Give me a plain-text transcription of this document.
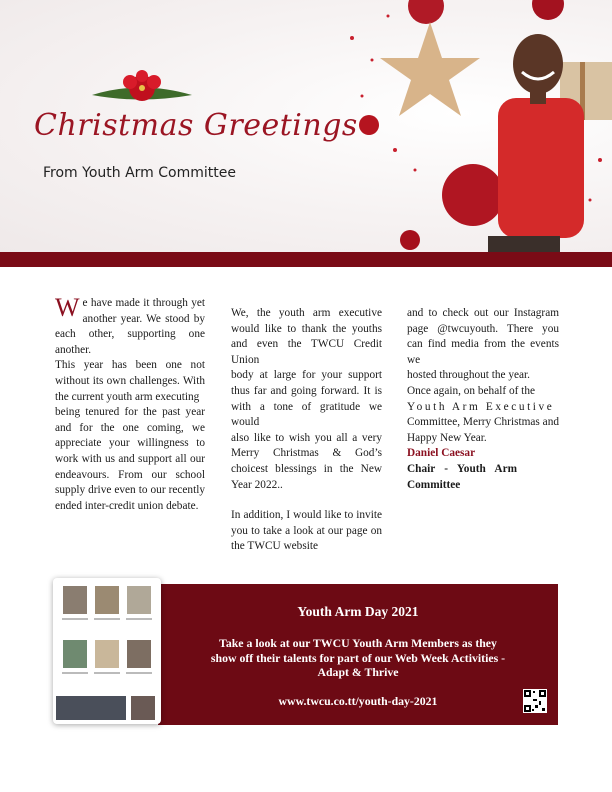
Christmas Greetings
From Youth Arm Committee

We have made it through yet another year. We stood by each other, supporting one another.

This year has been one not without its own challenges. With the current youth arm executing

being tenured for the past year and for the one coming, we appreciate your willingness to work with us and support all our endeavours. From our school supply drive even to our recently ended inter-credit union debate.

We, the youth arm executive would like to thank the youths and even the TWCU Credit Union

body at large for your support thus far and going forward. It is with a tone of gratitude we would

also like to wish you all a very Merry Christmas & God’s choicest blessings in the New Year 2022..

In addition, I would like to invite you to take a look at our page on the TWCU website

and to check out our Instagram page @twcuyouth. There you can find media from the events we

hosted throughout the year.

Once again, on behalf of the

Youth Arm Executive

Committee, Merry Christmas and Happy New Year.

Daniel Caesar

Chair - Youth Arm Committee

Youth Arm Day 2021
Take a look at our TWCU Youth Arm Members as they show off their talents for part of our Web Week Activities - Adapt & Thrive
www.twcu.co.tt/youth-day-2021
